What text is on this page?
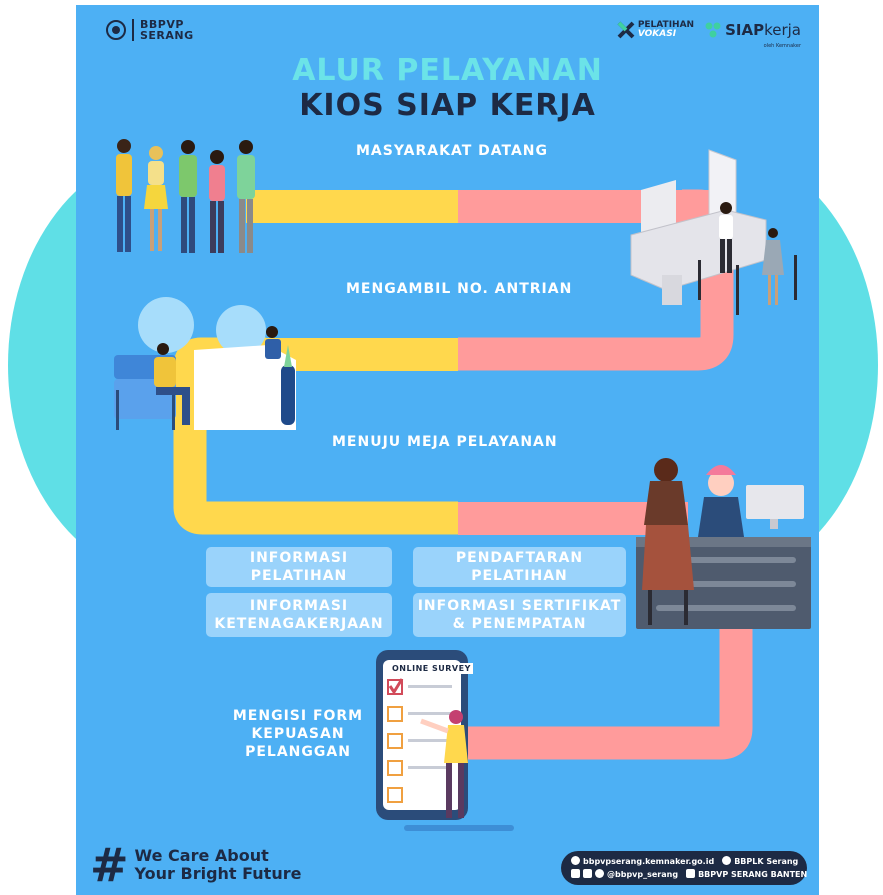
BBPVP
SERANG
PELATIHAN
VOKASI	SIAPkerja
oleh Kemnaker
ALUR PELAYANAN
KIOS SIAP KERJA
MASYARAKAT DATANG
MENGAMBIL NO. ANTRIAN
MENUJU MEJA PELAYANAN
MENGISI FORM
KEPUASAN
PELANGGAN
INFORMASI
PELATIHAN
PENDAFTARAN
PELATIHAN
INFORMASI
KETENAGAKERJAAN
INFORMASI SERTIFIKAT
& PENEMPATAN
ONLINE SURVEY
# We Care About
Your Bright Future
bbpvpserang.kemnaker.go.id	BBPLK Serang
@bbpvp_serang	BBPVP SERANG BANTEN
